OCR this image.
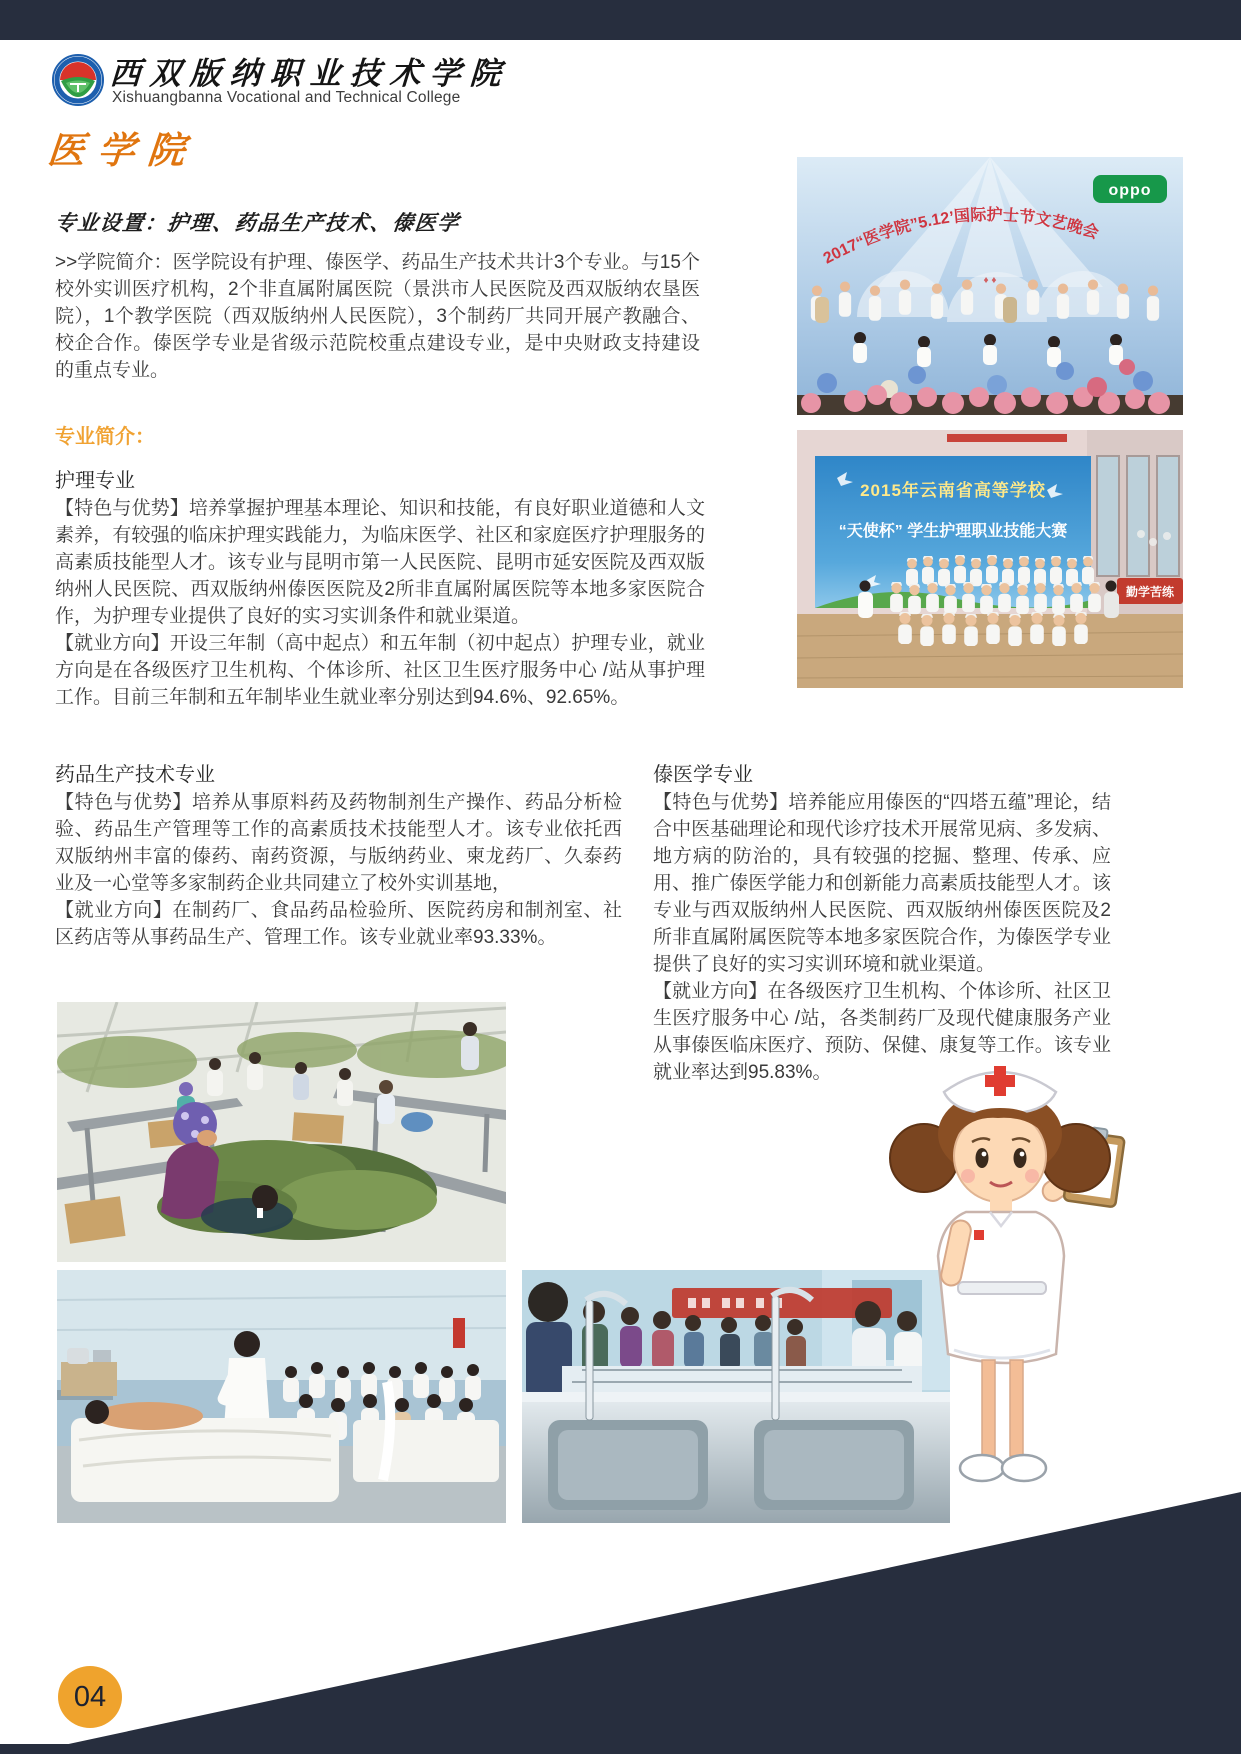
西双版纳职业技术学院
Xishuangbanna Vocational and Technical College
医学院
专业设置：护理、药品生产技术、傣医学
>>学院简介：医学院设有护理、傣医学、药品生产技术共计3个专业。与15个校外实训医疗机构，2个非直属附属医院（景洪市人民医院及西双版纳农垦医院），1个教学医院（西双版纳州人民医院），3个制药厂共同开展产教融合、校企合作。傣医学专业是省级示范院校重点建设专业，是中央财政支持建设的重点专业。
专业简介：
护理专业

【特色与优势】培养掌握护理基本理论、知识和技能，有良好职业道德和人文素养，有较强的临床护理实践能力，为临床医学、社区和家庭医疗护理服务的高素质技能型人才。该专业与昆明市第一人民医院、昆明市延安医院及西双版纳州人民医院、西双版纳州傣医医院及2所非直属附属医院等本地多家医院合作，为护理专业提供了良好的实习实训条件和就业渠道。

【就业方向】开设三年制（高中起点）和五年制（初中起点）护理专业，就业方向是在各级医疗卫生机构、个体诊所、社区卫生医疗服务中心 /站从事护理工作。目前三年制和五年制毕业生就业率分别达到94.6%、92.65%。

药品生产技术专业

【特色与优势】培养从事原料药及药物制剂生产操作、药品分析检验、药品生产管理等工作的高素质技术技能型人才。该专业依托西双版纳州丰富的傣药、南药资源，与版纳药业、柬龙药厂、久泰药业及一心堂等多家制药企业共同建立了校外实训基地，

【就业方向】在制药厂、食品药品检验所、医院药房和制剂室、社区药店等从事药品生产、管理工作。该专业就业率93.33%。

傣医学专业

【特色与优势】培养能应用傣医的“四塔五蕴”理论，结合中医基础理论和现代诊疗技术开展常见病、多发病、地方病的防治的，具有较强的挖掘、整理、传承、应用、推广傣医学能力和创新能力高素质技能型人才。该专业与西双版纳州人民医院、西双版纳州傣医医院及2所非直属附属医院等本地多家医院合作，为傣医学专业提供了良好的实习实训环境和就业渠道。

【就业方向】在各级医疗卫生机构、个体诊所、社区卫生医疗服务中心 /站，各类制药厂及现代健康服务产业从事傣医临床医疗、预防、保健、康复等工作。该专业就业率达到95.83%。

2017“医学院”5.12’国际护士节文艺晚会
♦ ♦
oppo
2015年云南省高等学校
“天使杯” 学生护理职业技能大赛
勤学苦练
04
